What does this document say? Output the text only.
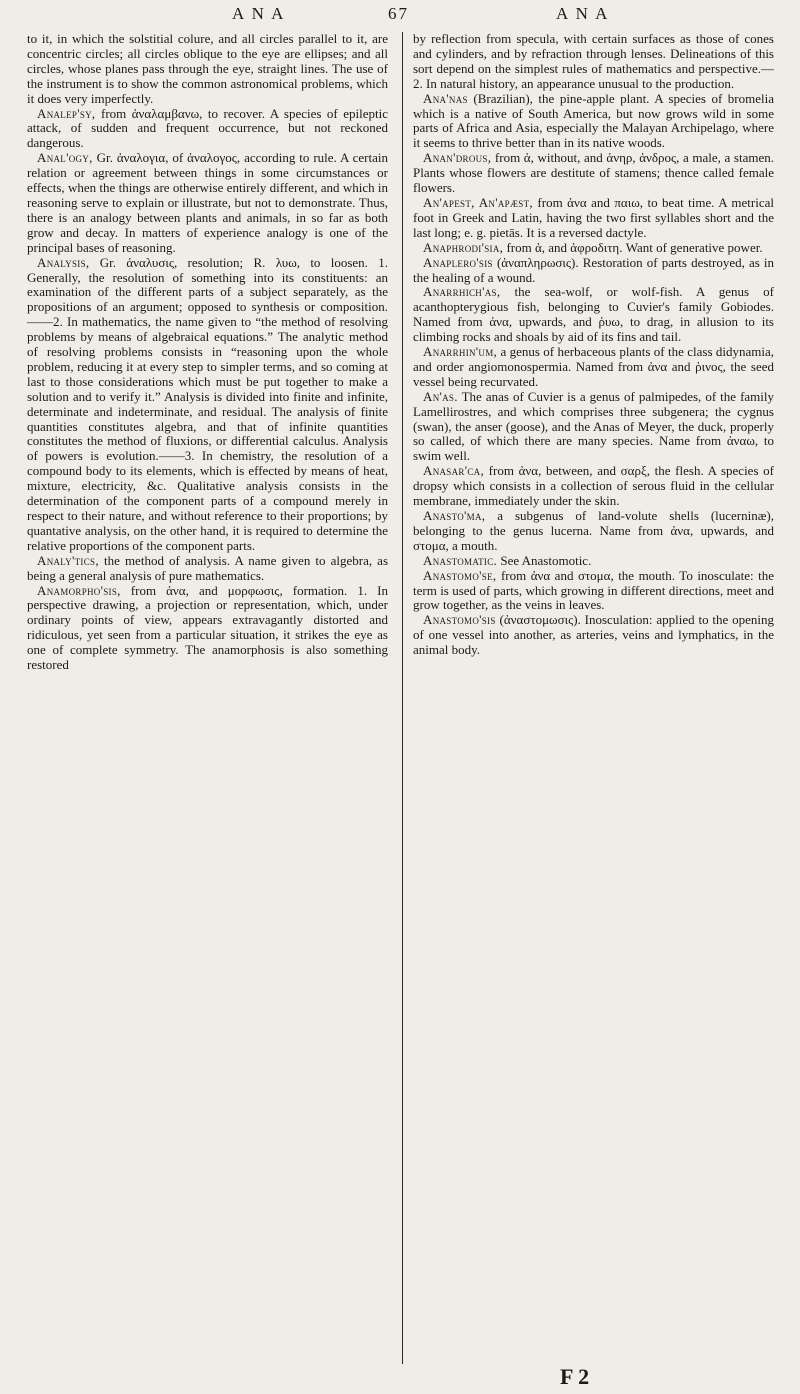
A N A	67	A N A

to it, in which the solstitial colure, and all circles parallel to it, are concentric circles; all circles oblique to the eye are ellipses; and all circles, whose planes pass through the eye, straight lines. The use of the instrument is to show the common astronomical problems, which it does very imperfectly.

Analep'sy, from ἀναλαμβανω, to recover. A species of epileptic attack, of sudden and frequent occurrence, but not reckoned dangerous.

Anal'ogy, Gr. ἀναλογια, of ἀναλογος, according to rule. A certain relation or agreement between things in some circumstances or effects, when the things are otherwise entirely different, and which in reasoning serve to explain or illustrate, but not to demonstrate. Thus, there is an analogy between plants and animals, in so far as both grow and decay. In matters of experience analogy is one of the principal bases of reasoning.

Analysis, Gr. ἀναλυσις, resolution; R. λυω, to loosen. 1. Generally, the resolution of something into its constituents: an examination of the different parts of a subject separately, as the propositions of an argument; opposed to synthesis or composition.——2. In mathematics, the name given to “the method of resolving problems by means of algebraical equations.” The analytic method of resolving problems consists in “reasoning upon the whole problem, reducing it at every step to simpler terms, and so coming at last to those considerations which must be put together to make a solution and to verify it.” Analysis is divided into finite and infinite, determinate and indeterminate, and residual. The analysis of finite quantities constitutes algebra, and that of infinite quantities constitutes the method of fluxions, or differential calculus. Analysis of powers is evolution.——3. In chemistry, the resolution of a compound body to its elements, which is effected by means of heat, mixture, electricity, &c. Qualitative analysis consists in the determination of the component parts of a compound merely in respect to their nature, and without reference to their proportions; by quantative analysis, on the other hand, it is required to determine the relative proportions of the component parts.

Analy'tics, the method of analysis. A name given to algebra, as being a general analysis of pure mathematics.

Anamorpho'sis, from ἀνα, and μορφωσις, formation. 1. In perspective drawing, a projection or representation, which, under ordinary points of view, appears extravagantly distorted and ridiculous, yet seen from a particular situation, it strikes the eye as one of complete symmetry. The anamorphosis is also something restored

by reflection from specula, with certain surfaces as those of cones and cylinders, and by refraction through lenses. Delineations of this sort depend on the simplest rules of mathematics and perspective.—2. In natural history, an appearance unusual to the production.

Ana'nas (Brazilian), the pine-apple plant. A species of bromelia which is a native of South America, but now grows wild in some parts of Africa and Asia, especially the Malayan Archipelago, where it seems to thrive better than in its native woods.

Anan'drous, from ἀ, without, and ἀνηρ, ἀνδρος, a male, a stamen. Plants whose flowers are destitute of stamens; thence called female flowers.

An'apest, An'apæst, from ἀνα and παιω, to beat time. A metrical foot in Greek and Latin, having the two first syllables short and the last long; e. g. pietās. It is a reversed dactyle.

Anaphrodi'sia, from ἀ, and ἀφροδιτη. Want of generative power.

Anaplero'sis (ἀναπληρωσις). Restoration of parts destroyed, as in the healing of a wound.

Anarrhich'as, the sea-wolf, or wolf-fish. A genus of acanthopterygious fish, belonging to Cuvier's family Gobiodes. Named from ἀνα, upwards, and ῥυω, to drag, in allusion to its climbing rocks and shoals by aid of its fins and tail.

Anarrhin'um, a genus of herbaceous plants of the class didynamia, and order angiomonospermia. Named from ἀνα and ῥινος, the seed vessel being recurvated.

An'as. The anas of Cuvier is a genus of palmipedes, of the family Lamellirostres, and which comprises three subgenera; the cygnus (swan), the anser (goose), and the Anas of Meyer, the duck, properly so called, of which there are many species. Name from ἀναω, to swim well.

Anasar'ca, from ἀνα, between, and σαρξ, the flesh. A species of dropsy which consists in a collection of serous fluid in the cellular membrane, immediately under the skin.

Anasto'ma, a subgenus of land-volute shells (lucerninæ), belonging to the genus lucerna. Name from ἀνα, upwards, and στομα, a mouth.

Anastomatic. See Anastomotic.

Anastomo'se, from ἀνα and στομα, the mouth. To inosculate: the term is used of parts, which growing in different directions, meet and grow together, as the veins in leaves.

Anastomo'sis (ἀναστομωσις). Inosculation: applied to the opening of one vessel into another, as arteries, veins and lymphatics, in the animal body.

F 2
